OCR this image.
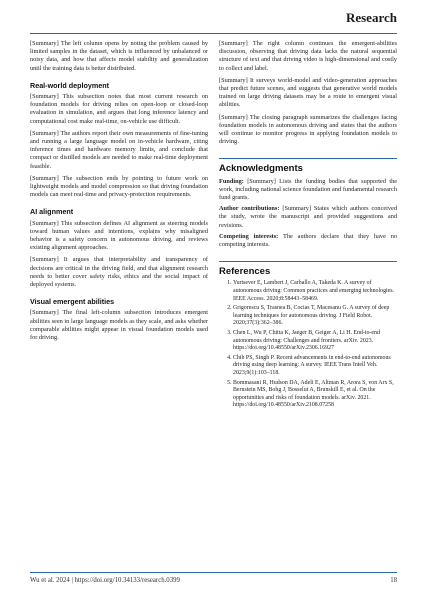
Research

[Summary] The left column opens by noting the problem caused by limited samples in the dataset, which is influenced by unbalanced or noisy data, and how that affects model stability and generalization until the training data is better distributed.

Real-world deployment

[Summary] This subsection notes that most current research on foundation models for driving relies on open-loop or closed-loop evaluation in simulation, and argues that long inference latency and computational cost make real-time, on-vehicle use difficult.

[Summary] The authors report their own measurements of fine-tuning and running a large language model on in-vehicle hardware, citing inference times and hardware memory limits, and conclude that compact or distilled models are needed to make real-time deployment feasible.

[Summary] The subsection ends by pointing to future work on lightweight models and model compression so that driving foundation models can meet real-time and privacy-protection requirements.

AI alignment

[Summary] This subsection defines AI alignment as steering models toward human values and intentions, explains why misaligned behavior is a safety concern in autonomous driving, and reviews existing alignment approaches.

[Summary] It argues that interpretability and transparency of decisions are critical in the driving field, and that alignment research needs to better cover safety risks, ethics and the social impact of deployed systems.

Visual emergent abilities

[Summary] The final left-column subsection introduces emergent abilities seen in large language models as they scale, and asks whether comparable abilities might appear in visual foundation models used for driving.

[Summary] The right column continues the emergent-abilities discussion, observing that driving data lacks the natural sequential structure of text and that driving video is high-dimensional and costly to collect and label.

[Summary] It surveys world-model and video-generation approaches that predict future scenes, and suggests that generative world models trained on large driving datasets may be a route to emergent visual abilities.

[Summary] The closing paragraph summarizes the challenges facing foundation models in autonomous driving and states that the authors will continue to monitor progress in applying foundation models to driving.

Acknowledgments

Funding: [Summary] Lists the funding bodies that supported the work, including national science foundation and fundamental research fund grants.

Author contributions: [Summary] States which authors conceived the study, wrote the manuscript and provided suggestions and revisions.

Competing interests: The authors declare that they have no competing interests.

References
1. Yurtsever E, Lambert J, Carballo A, Takeda K. A survey of autonomous driving: Common practices and emerging technologies. IEEE Access. 2020;8:58443–58469.
2. Grigorescu S, Trasnea B, Cocias T, Macesanu G. A survey of deep learning techniques for autonomous driving. J Field Robot. 2020;37(3):362–386.
3. Chen L, Wu P, Chitta K, Jaeger B, Geiger A, Li H. End-to-end autonomous driving: Challenges and frontiers. arXiv. 2023. https://doi.org/10.48550/arXiv.2306.16927
4. Chib PS, Singh P. Recent advancements in end-to-end autonomous driving using deep learning: A survey. IEEE Trans Intell Veh. 2023;9(1):103–118.
5. Bommasani R, Hudson DA, Adeli E, Altman R, Arora S, von Arx S, Bernstein MS, Bohg J, Bosselut A, Brunskill E, et al. On the opportunities and risks of foundation models. arXiv. 2021. https://doi.org/10.48550/arXiv.2108.07258
Wu et al. 2024 | https://doi.org/10.34133/research.0399	18
